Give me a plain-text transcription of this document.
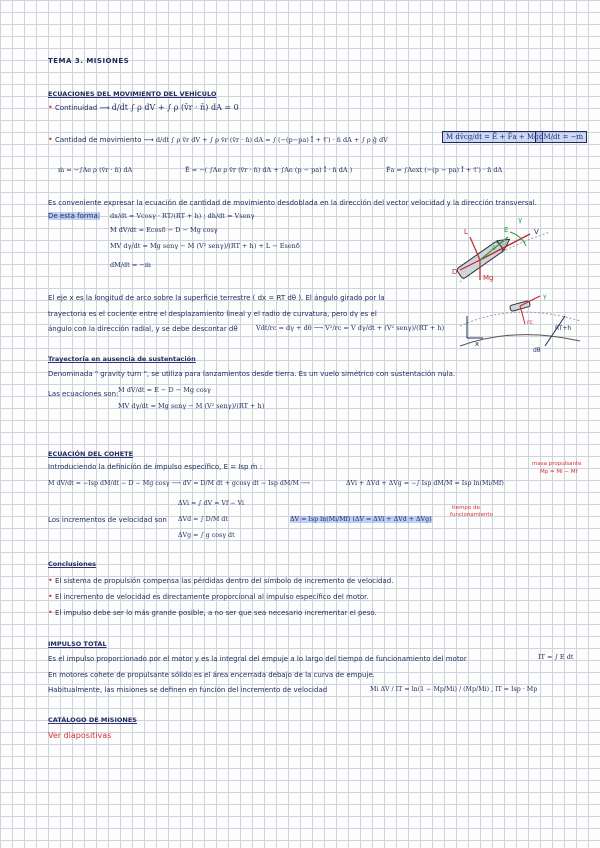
TEMA 3. MISIONES
ECUACIONES DEL MOVIMIENTO DEL VEHÍCULO
• Continuidad ⟶ d/dt ∫ ρ dV + ∫ ρ (v̄r · n̄) dA = 0
• Cantidad de movimiento ⟶ d/dt ∫ ρ v̄r dV + ∫ ρ v̄r (v̄r · n̄) dA = ∫ (−(p−pa) Ī + τ̄′) · n̄ dA + ∫ ρ ḡ dV	M dv̄cg/dt = Ē + F̄a + Mḡ dM/dt = −ṁ
ṁ = −∫Ae ρ (v̄r · n̄) dA	Ē = −( ∫Ae ρ v̄r (v̄r · n̄) dA + ∫Ae (p − pa) Ī · n̄ dA )	F̄a = ∫Aext (−(p − pa) Ī + τ̄′) · n̄ dA
Es conveniente expresar la ecuación de cantidad de movimiento desdoblada en la dirección del vector velocidad y la dirección transversal.
De esta forma: dx/dt = Vcosγ · RT/(RT + h) ; dh/dt = Vsenγ
M dV/dt = Ecosδ − D − Mg cosγ
MV dγ/dt = Mg senγ − M (V² senγ)/(RT + h) + L − Esenδ
dM/dt = −ṁ
V
γ
L
D
E
Mg
δ
El eje x es la longitud de arco sobre la superficie terrestre ( dx = RT dθ ). El ángulo girado por la
trayectoria es el cociente entre el desplazamiento lineal y el radio de curvatura, pero dγ es el
ángulo con la dirección radial, y se debe descontar dθ	Vdt/rc = dγ + dθ ⟶ V²/rc = V dγ/dt + (V² senγ)/(RT + h)
x
rc
RT+h
dθ
γ
Trayectoria en ausencia de sustentación
Denominada " gravity turn ", se utiliza para lanzamientos desde tierra. Es un vuelo simétrico con sustentación nula.
Las ecuaciones son: M dV/dt = E − D − Mg cosγ
MV dγ/dt = Mg senγ − M (V² senγ)/(RT + h)
ECUACIÓN DEL COHETE
Introduciendo la definición de impulso específico, E = Isp ṁ :
M dV/dt = −Isp dM/dt − D − Mg cosγ ⟶ dV = D/M dt + gcosγ dt − Isp dM/M ⟶	ΔVi + ΔVd + ΔVg = −∫ Isp dM/M = Isp ln(Mi/Mf)
masa propulsante
Mp = Mi − Mf
tiempo de
funcionamiento
Los incrementos de velocidad son
ΔVi = ∫ dV = Vf − Vi
ΔVd = ∫ D/M dt
ΔVg = ∫ g cosγ dt
ΔV = Isp ln(Mi/Mf) (ΔV = ΔVi + ΔVd + ΔVg)
Conclusiones
• El sistema de propulsión compensa las pérdidas dentro del símbolo de incremento de velocidad.
• El incremento de velocidad es directamente proporcional al impulso específico del motor.
• El impulso debe ser lo más grande posible, a no ser que sea necesario incrementar el peso.
IMPULSO TOTAL
Es el impulso proporcionado por el motor y es la integral del empuje a lo largo del tiempo de funcionamiento del motor	IT = ∫ E dt
En motores cohete de propulsante sólido es el área encerrada debajo de la curva de empuje.
Habitualmente, las misiones se definen en función del incremento de velocidad	Mi ΔV / IT = ln(1 − Mp/Mi) / (Mp/Mi) , IT = Isp · Mp
CATÁLOGO DE MISIONES
Ver diapositivas
